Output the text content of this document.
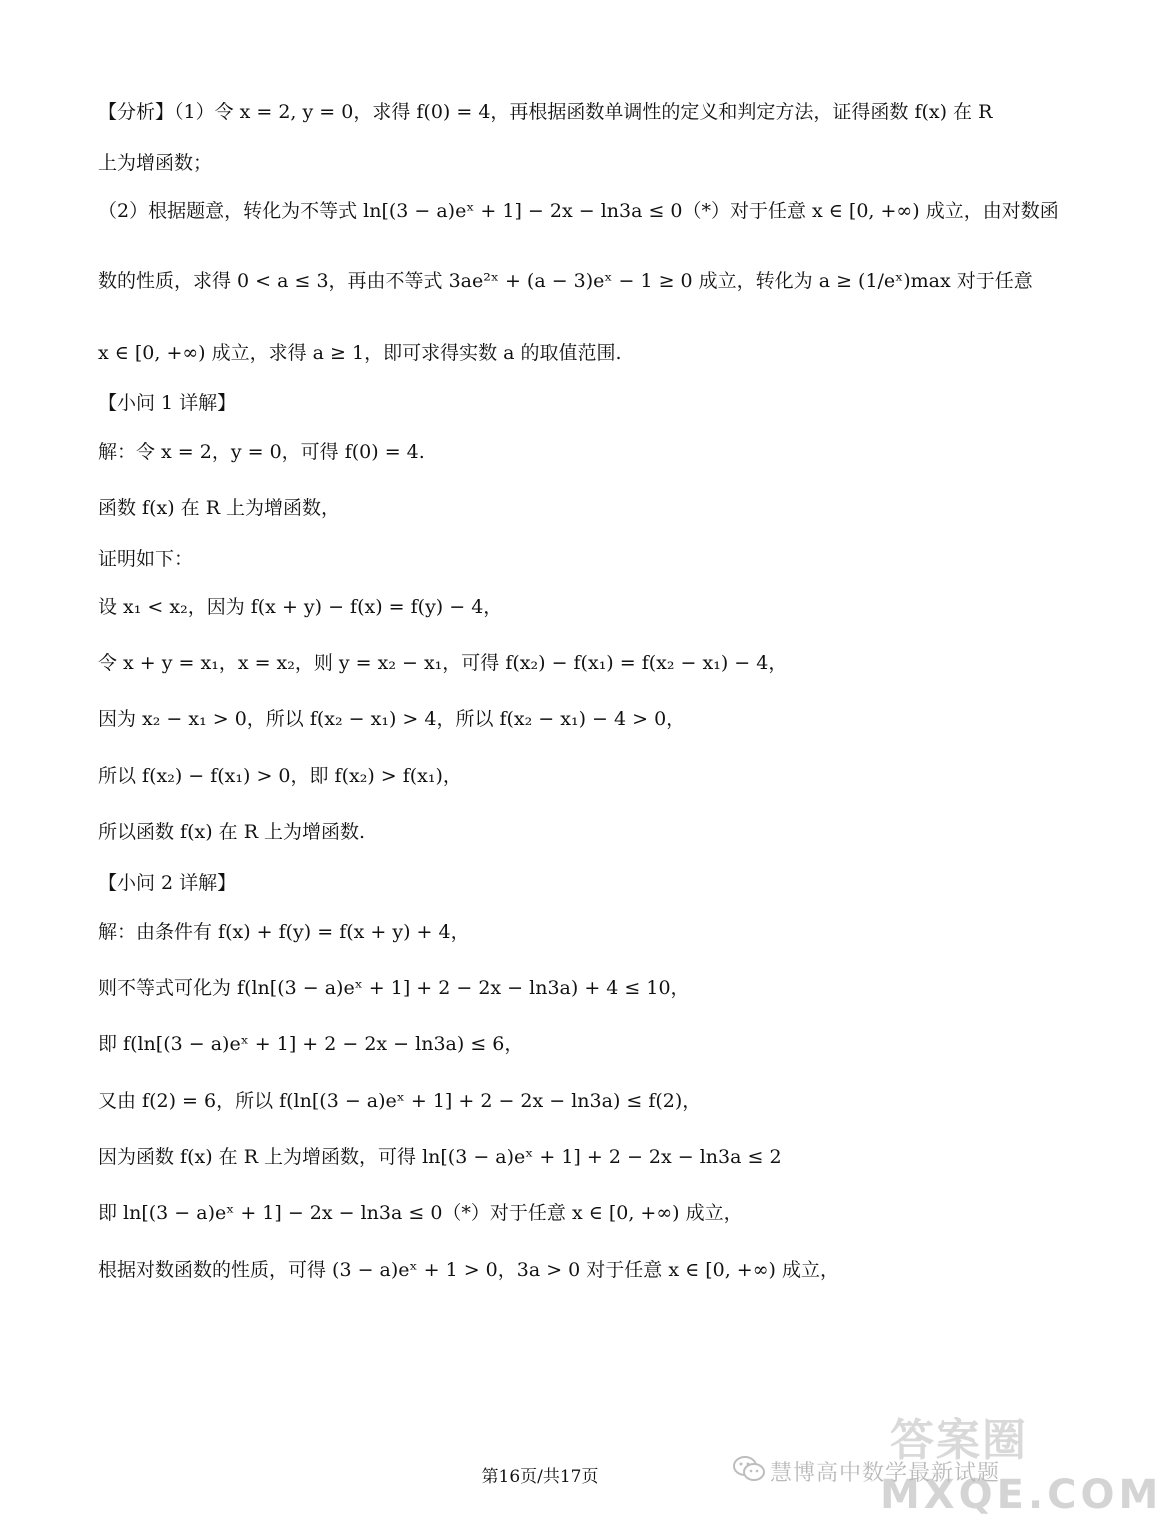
【分析】（1）令 x = 2, y = 0，求得 f(0) = 4，再根据函数单调性的定义和判定方法，证得函数 f(x) 在 R
上为增函数；
（2）根据题意，转化为不等式 ln[(3 − a)eˣ + 1] − 2x − ln3a ≤ 0（*）对于任意 x ∈ [0, +∞) 成立，由对数函
数的性质，求得 0 < a ≤ 3，再由不等式 3ae²ˣ + (a − 3)eˣ − 1 ≥ 0 成立，转化为 a ≥ (1/eˣ)max 对于任意
x ∈ [0, +∞) 成立，求得 a ≥ 1，即可求得实数 a 的取值范围.
【小问 1 详解】
解：令 x = 2，y = 0，可得 f(0) = 4.
函数 f(x) 在 R 上为增函数，
证明如下：
设 x₁ < x₂，因为 f(x + y) − f(x) = f(y) − 4，
令 x + y = x₁，x = x₂，则 y = x₂ − x₁，可得 f(x₂) − f(x₁) = f(x₂ − x₁) − 4，
因为 x₂ − x₁ > 0，所以 f(x₂ − x₁) > 4，所以 f(x₂ − x₁) − 4 > 0，
所以 f(x₂) − f(x₁) > 0，即 f(x₂) > f(x₁)，
所以函数 f(x) 在 R 上为增函数.
【小问 2 详解】
解：由条件有 f(x) + f(y) = f(x + y) + 4，
则不等式可化为 f(ln[(3 − a)eˣ + 1] + 2 − 2x − ln3a) + 4 ≤ 10，
即 f(ln[(3 − a)eˣ + 1] + 2 − 2x − ln3a) ≤ 6，
又由 f(2) = 6，所以 f(ln[(3 − a)eˣ + 1] + 2 − 2x − ln3a) ≤ f(2)，
因为函数 f(x) 在 R 上为增函数，可得 ln[(3 − a)eˣ + 1] + 2 − 2x − ln3a ≤ 2
即 ln[(3 − a)eˣ + 1] − 2x − ln3a ≤ 0（*）对于任意 x ∈ [0, +∞) 成立，
根据对数函数的性质，可得 (3 − a)eˣ + 1 > 0，3a > 0 对于任意 x ∈ [0, +∞) 成立，
答案圈
MXQE.COM
慧博高中数学最新试题
第16页/共17页
